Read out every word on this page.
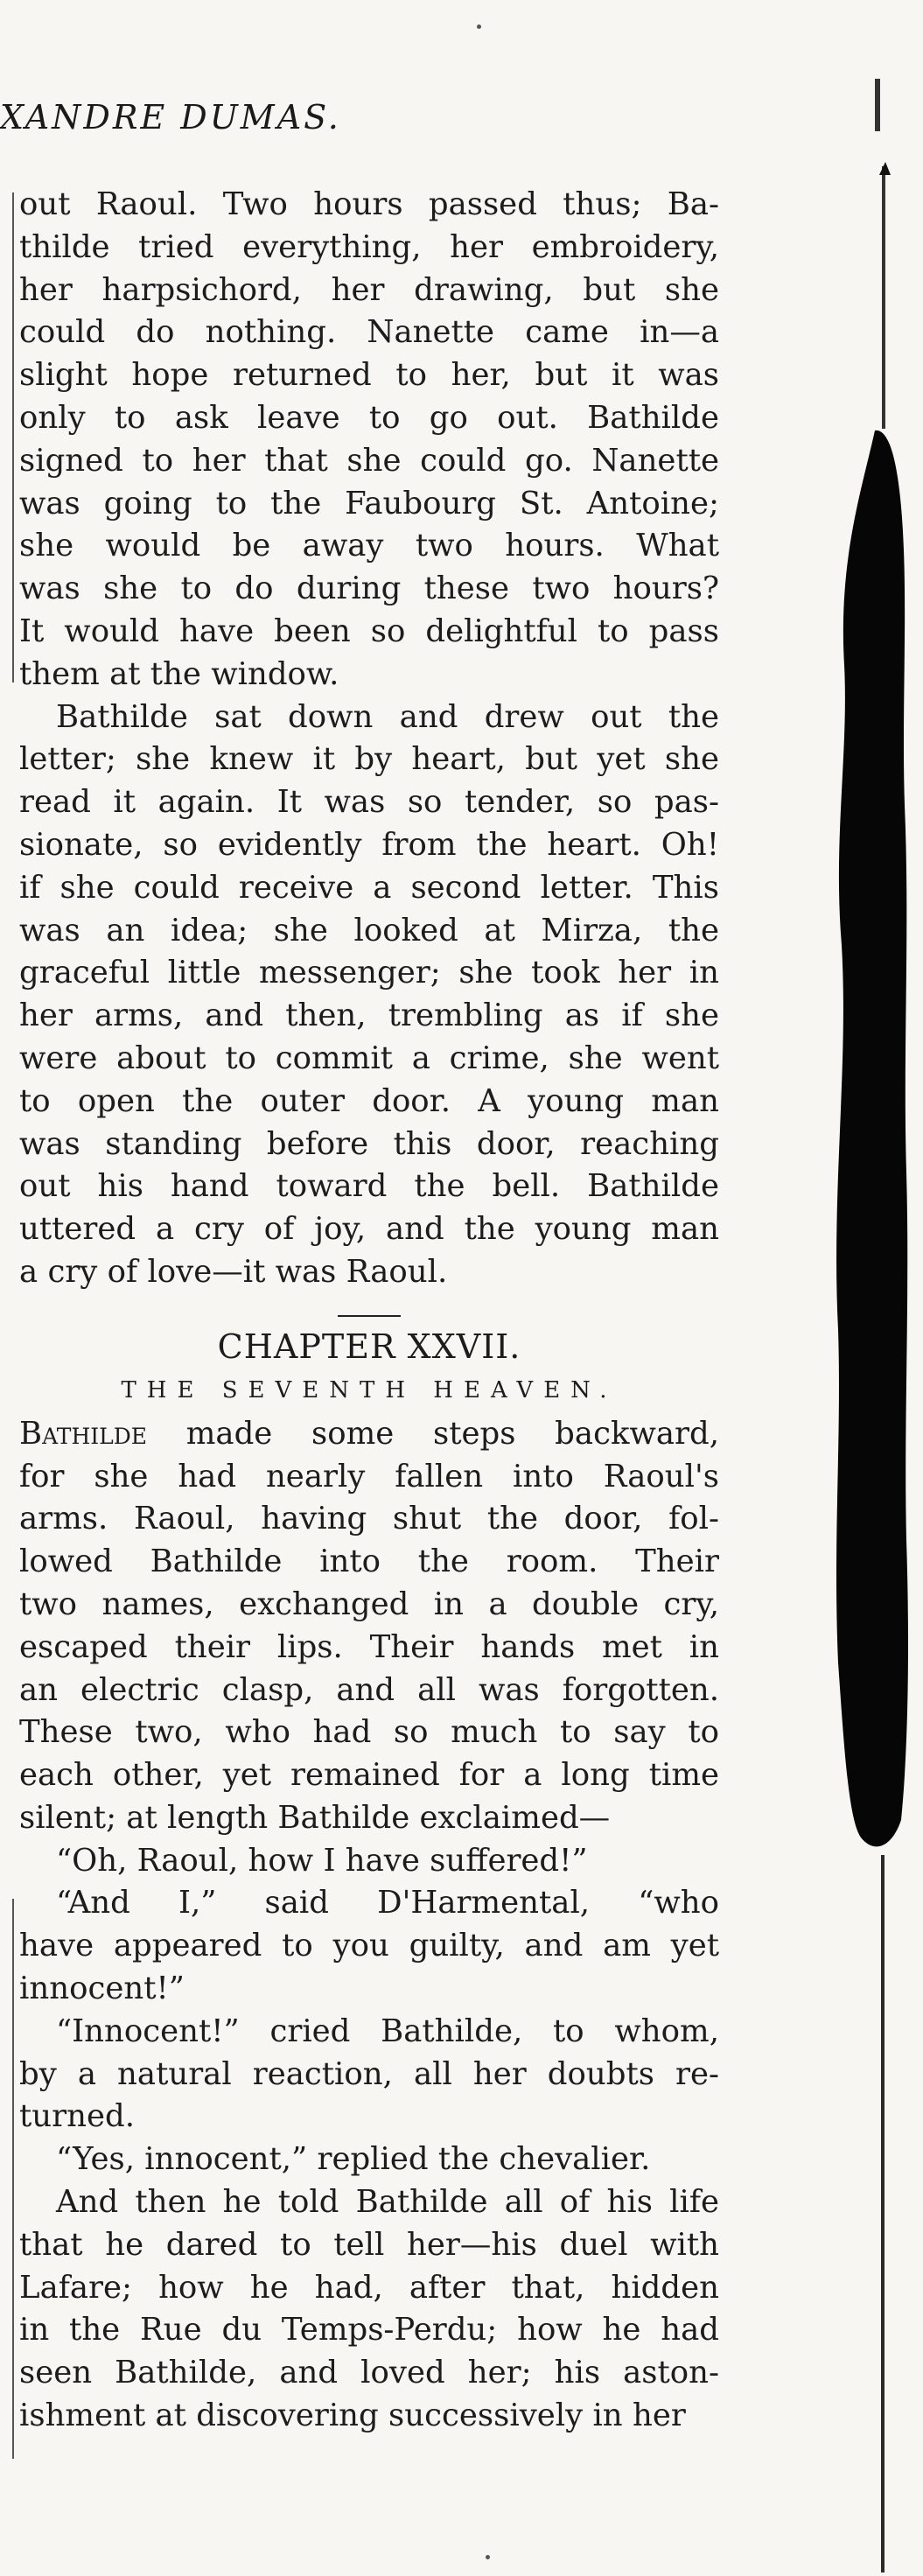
XANDRE DUMAS.
out Raoul. Two hours passed thus; Ba-
thilde tried everything, her embroidery,
her harpsichord, her drawing, but she
could do nothing. Nanette came in—a
slight hope returned to her, but it was
only to ask leave to go out. Bathilde
signed to her that she could go. Nanette
was going to the Faubourg St. Antoine;
she would be away two hours. What
was she to do during these two hours?
It would have been so delightful to pass
them at the window.
Bathilde sat down and drew out the
letter; she knew it by heart, but yet she
read it again. It was so tender, so pas-
sionate, so evidently from the heart. Oh!
if she could receive a second letter. This
was an idea; she looked at Mirza, the
graceful little messenger; she took her in
her arms, and then, trembling as if she
were about to commit a crime, she went
to open the outer door. A young man
was standing before this door, reaching
out his hand toward the bell. Bathilde
uttered a cry of joy, and the young man
a cry of love—it was Raoul.
CHAPTER XXVII.
THE SEVENTH HEAVEN.
Bathilde made some steps backward,
for she had nearly fallen into Raoul's
arms. Raoul, having shut the door, fol-
lowed Bathilde into the room. Their
two names, exchanged in a double cry,
escaped their lips. Their hands met in
an electric clasp, and all was forgotten.
These two, who had so much to say to
each other, yet remained for a long time
silent; at length Bathilde exclaimed—
“Oh, Raoul, how I have suffered!”
“And I,” said D'Harmental, “who
have appeared to you guilty, and am yet
innocent!”
“Innocent!” cried Bathilde, to whom,
by a natural reaction, all her doubts re-
turned.
“Yes, innocent,” replied the chevalier.
And then he told Bathilde all of his life
that he dared to tell her—his duel with
Lafare; how he had, after that, hidden
in the Rue du Temps-Perdu; how he had
seen Bathilde, and loved her; his aston-
ishment at discovering successively in her
